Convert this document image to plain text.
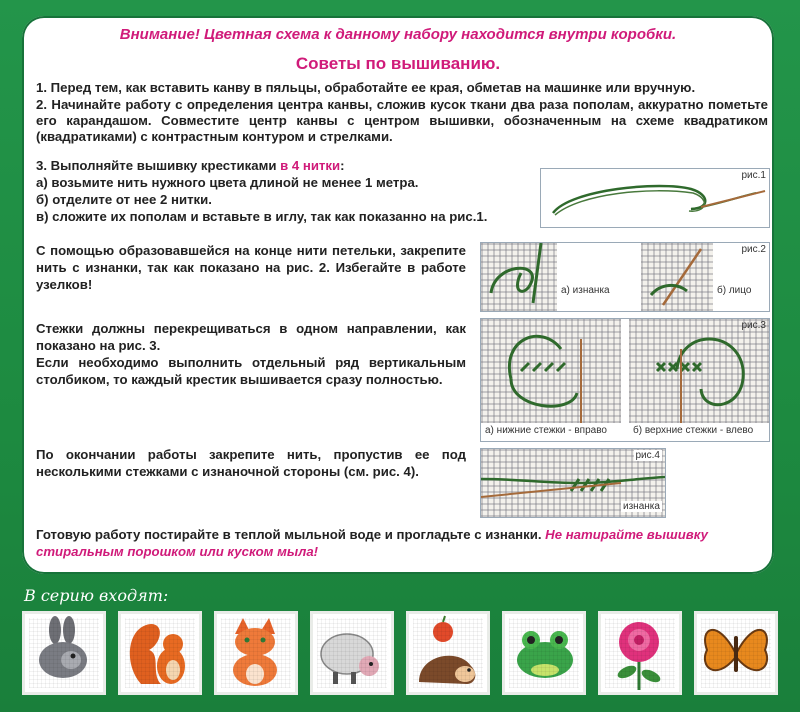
Внимание! Цветная схема к данному набору находится внутри коробки.
Советы по вышиванию.
1. Перед тем, как вставить канву в пяльцы, обработайте ее края, обметав на машинке или вручную.
2. Начинайте работу с определения центра канвы, сложив кусок ткани два раза пополам, аккуратно пометьте его карандашом. Совместите центр канвы с центром вышивки, обозначенным на схеме квадратиком (квадратиками) с контрастным контуром и стрелками.
3. Выполняйте вышивку крестиками в 4 нитки:
а) возьмите нить нужного цвета длиной не менее 1 метра.
б) отделите от нее 2 нитки.
в) сложите их пополам и вставьте в иглу, так как показанно на рис.1.
рис.1
С помощью образовавшейся на конце нити петельки, закрепите нить с изнанки, так как показано на рис. 2. Избегайте в работе узелков!	а) изнанка	б) лицо
рис.2
Стежки должны перекрещиваться в одном направлении, как показано на рис. 3.
Если необходимо выполнить отдельный ряд вертикальным столбиком, то каждый крестик вышивается сразу полностью.
а) нижние стежки - вправо	б) верхние стежки - влево
рис.3
По окончании работы закрепите нить, пропустив ее под несколькими стежками с изнаночной стороны (см. рис. 4).
изнанка
рис.4
Готовую работу постирайте в теплой мыльной воде и прогладьте с изнанки. Не натирайте вышивку стиральным порошком или куском мыла!
В серию входят:
